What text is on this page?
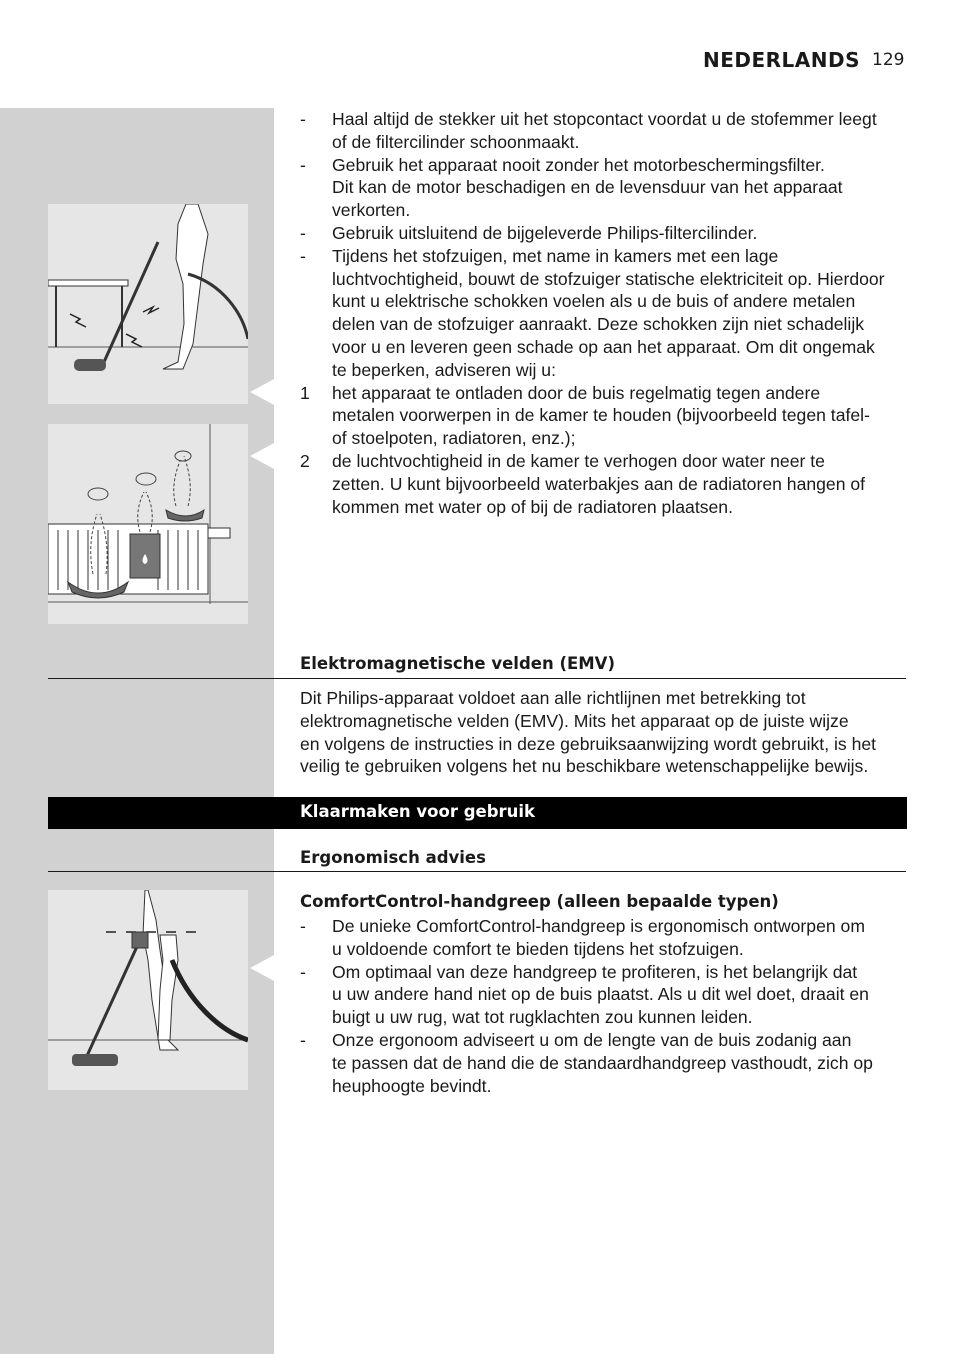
NEDERLANDS 129
-	Haal altijd de stekker uit het stopcontact voordat u de stofemmer leegt
of de filtercilinder schoonmaakt.
-	Gebruik het apparaat nooit zonder het motorbeschermingsfilter.
Dit kan de motor beschadigen en de levensduur van het apparaat
verkorten.
-	Gebruik uitsluitend de bijgeleverde Philips-filtercilinder.
-	Tijdens het stofzuigen, met name in kamers met een lage
luchtvochtigheid, bouwt de stofzuiger statische elektriciteit op. Hierdoor
kunt u elektrische schokken voelen als u de buis of andere metalen
delen van de stofzuiger aanraakt. Deze schokken zijn niet schadelijk
voor u en leveren geen schade op aan het apparaat. Om dit ongemak
te beperken, adviseren wij u:
1	het apparaat te ontladen door de buis regelmatig tegen andere
metalen voorwerpen in de kamer te houden (bijvoorbeeld tegen tafel-
of stoelpoten, radiatoren, enz.);
2	de luchtvochtigheid in de kamer te verhogen door water neer te
zetten. U kunt bijvoorbeeld waterbakjes aan de radiatoren hangen of
kommen met water op of bij de radiatoren plaatsen.
Elektromagnetische velden (EMV)
Dit Philips-apparaat voldoet aan alle richtlijnen met betrekking tot
elektromagnetische velden (EMV). Mits het apparaat op de juiste wijze
en volgens de instructies in deze gebruiksaanwijzing wordt gebruikt, is het
veilig te gebruiken volgens het nu beschikbare wetenschappelijke bewijs.
Klaarmaken voor gebruik
Ergonomisch advies
ComfortControl-handgreep (alleen bepaalde typen)
-	De unieke ComfortControl-handgreep is ergonomisch ontworpen om
u voldoende comfort te bieden tijdens het stofzuigen.
-	Om optimaal van deze handgreep te profiteren, is het belangrijk dat
u uw andere hand niet op de buis plaatst. Als u dit wel doet, draait en
buigt u uw rug, wat tot rugklachten zou kunnen leiden.
-	Onze ergonoom adviseert u om de lengte van de buis zodanig aan
te passen dat de hand die de standaardhandgreep vasthoudt, zich op
heuphoogte bevindt.
